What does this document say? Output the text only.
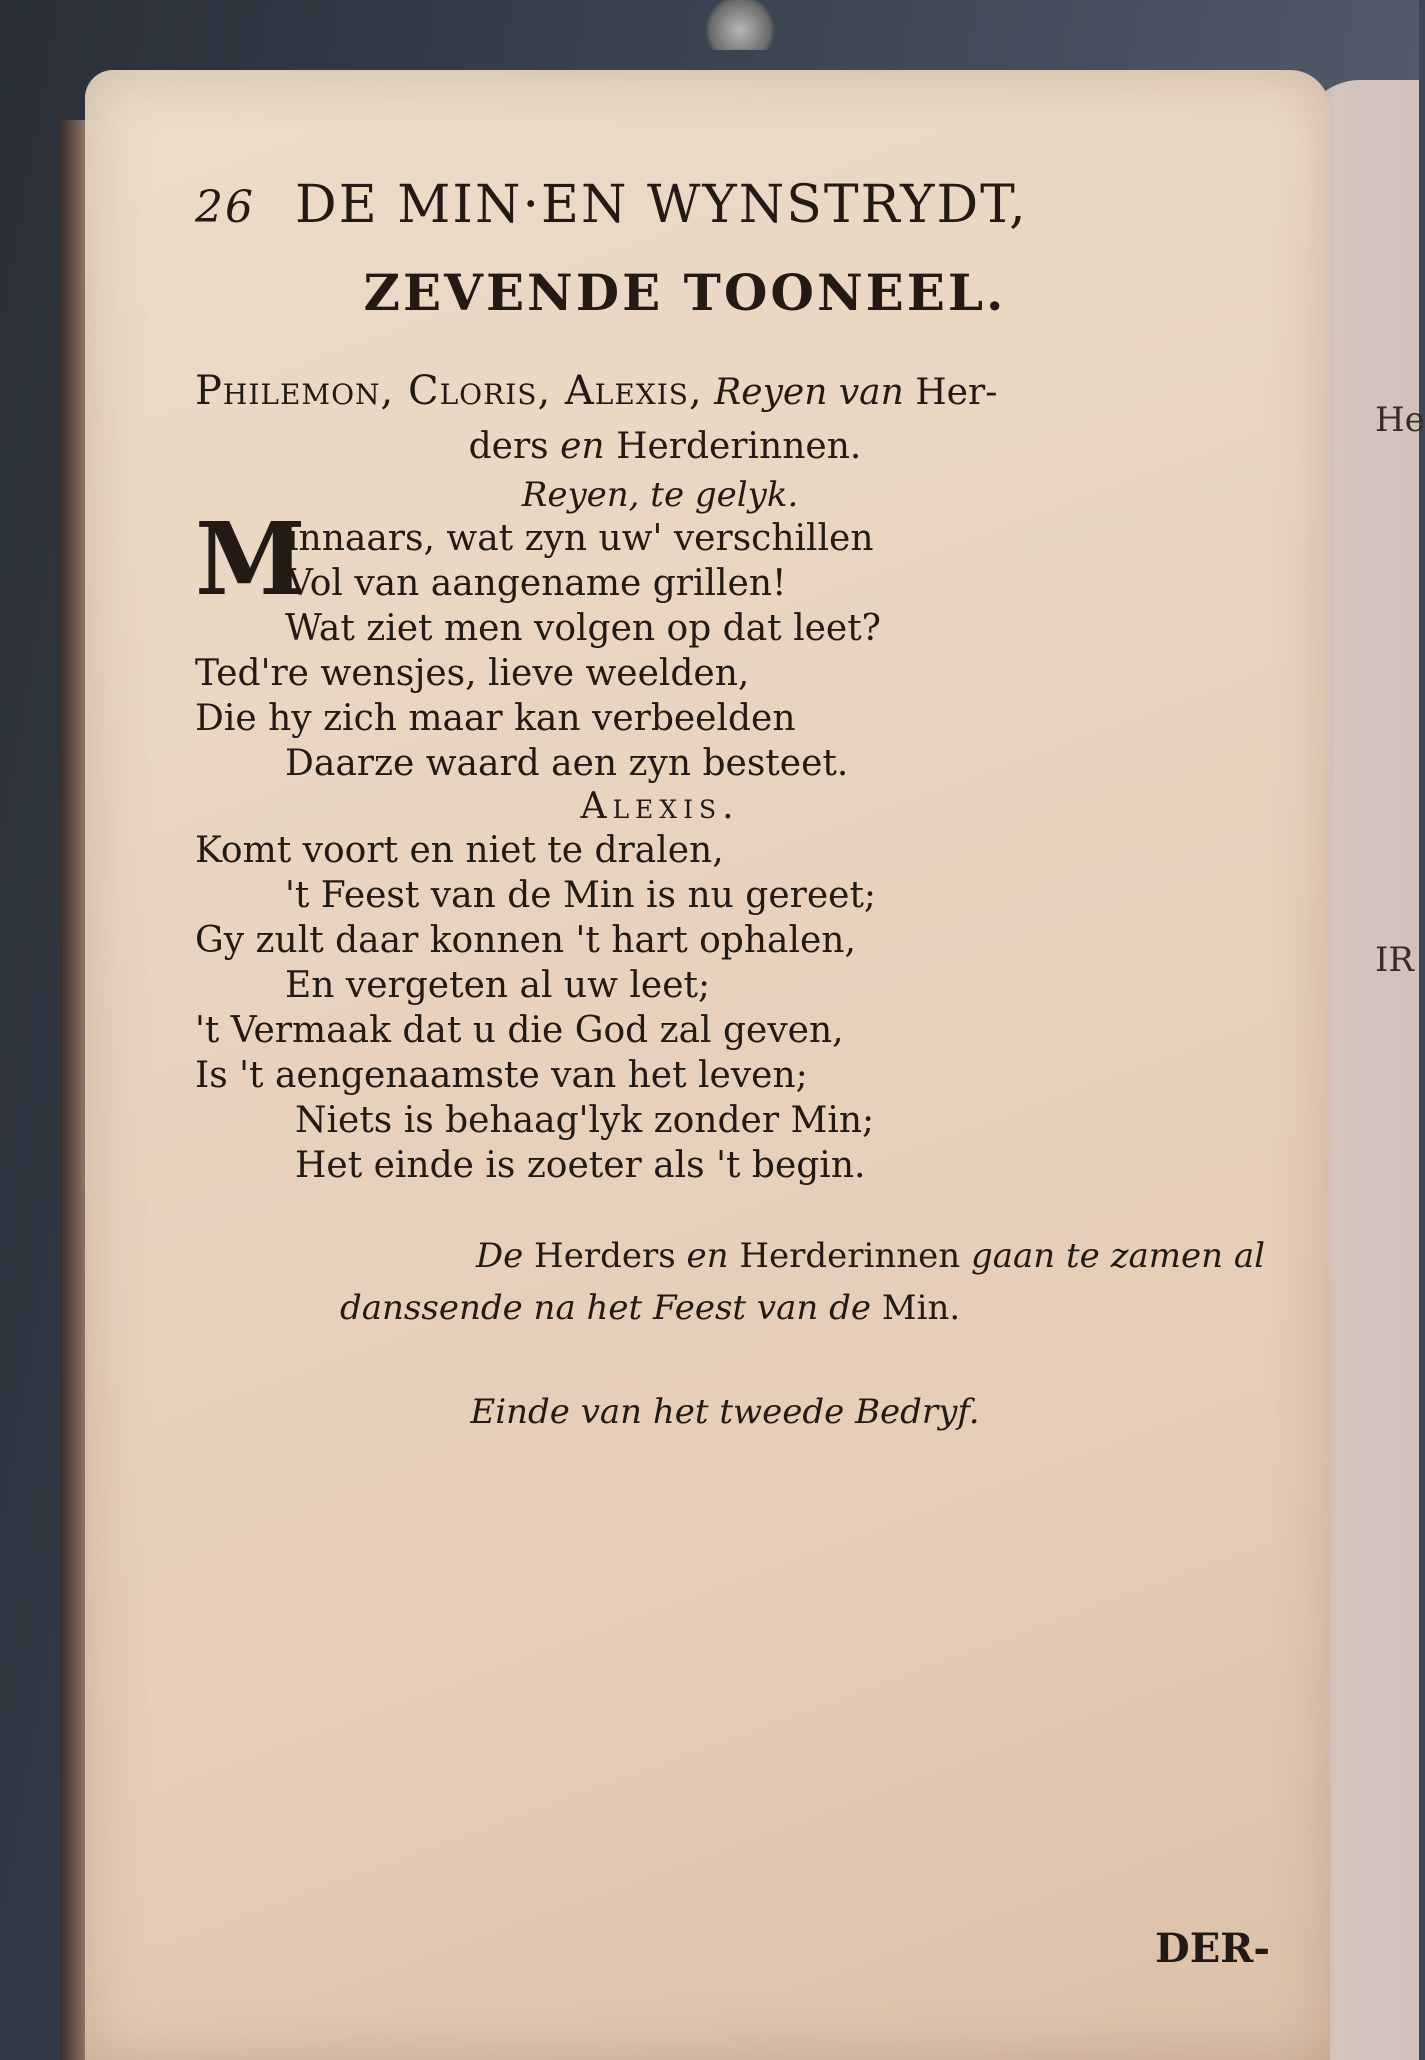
He
IR
26 DE MIN·EN WYNSTRYDT,
ZEVENDE TOONEEL.
Philemon, Cloris, Alexis, Reyen van Her-
ders en Herderinnen.
Reyen, te gelyk.
M
innaars, wat zyn uw' verschillen
Vol van aangename grillen!
Wat ziet men volgen op dat leet?
Ted're wensjes, lieve weelden,
Die hy zich maar kan verbeelden
Daarze waard aen zyn besteet.
Alexis.
Komt voort en niet te dralen,
't Feest van de Min is nu gereet;
Gy zult daar konnen 't hart ophalen,
En vergeten al uw leet;
't Vermaak dat u die God zal geven,
Is 't aengenaamste van het leven;
Niets is behaag'lyk zonder Min;
Het einde is zoeter als 't begin.
De Herders en Herderinnen gaan te zamen al
danssende na het Feest van de Min.
Einde van het tweede Bedryf.
DER-
